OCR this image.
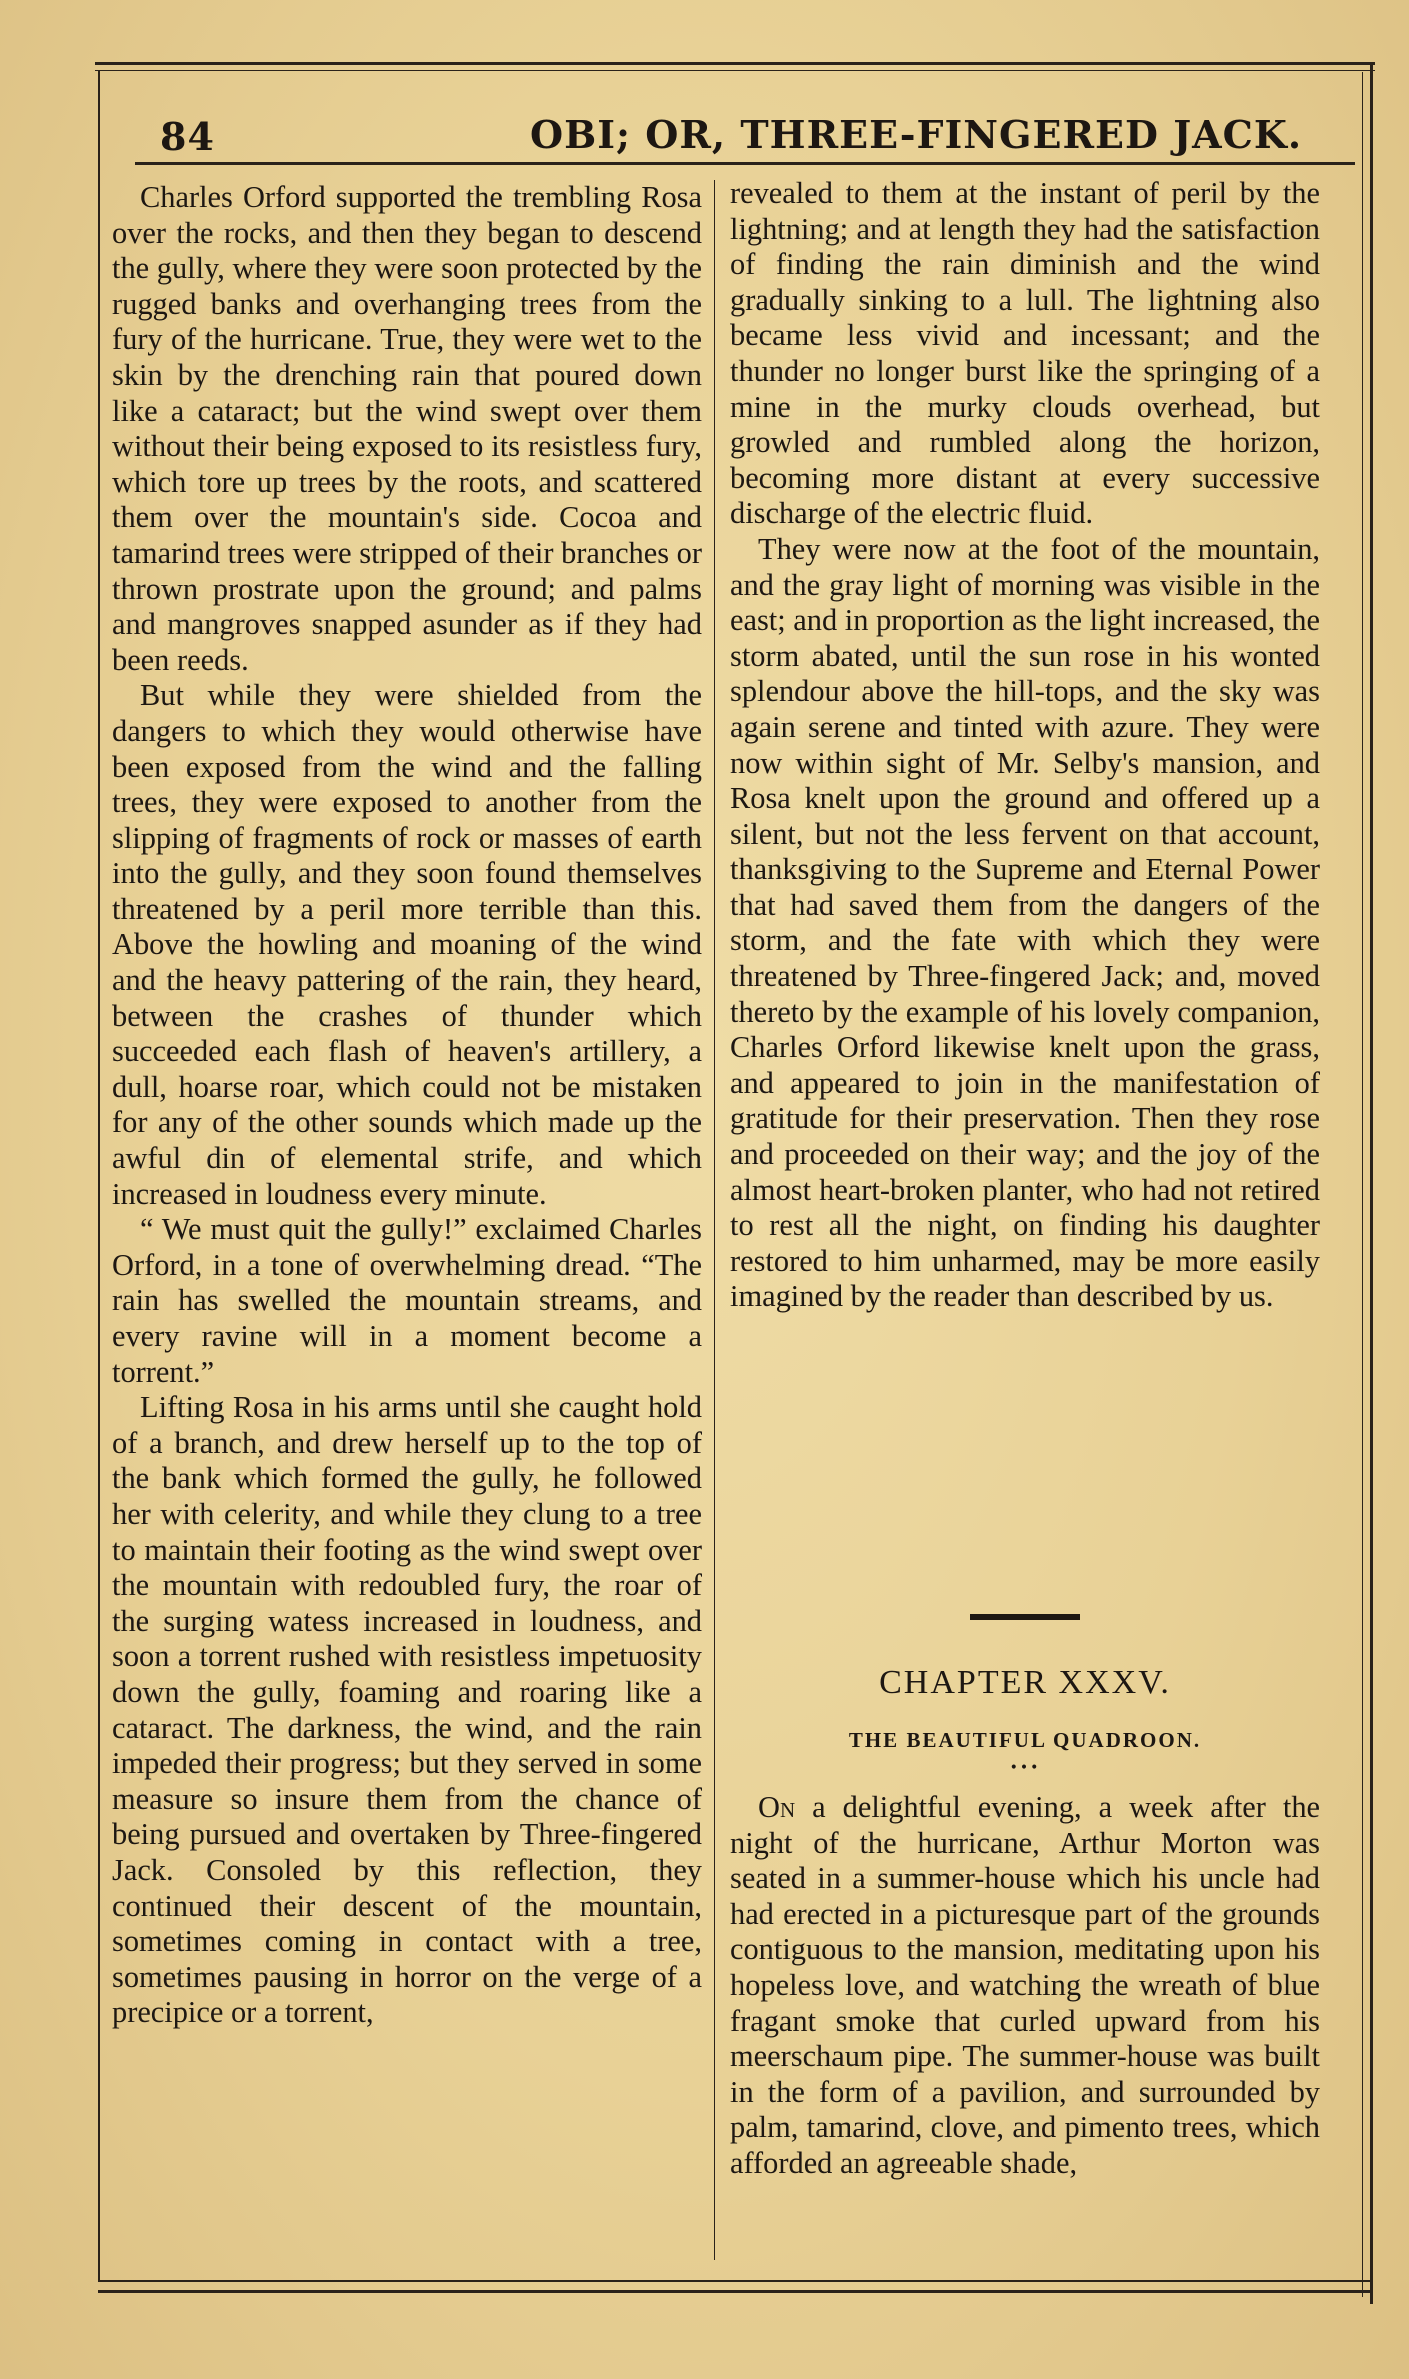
84	OBI; OR, THREE-FINGERED JACK.

Charles Orford supported the trembling Rosa over the rocks, and then they began to descend the gully, where they were soon protected by the rugged banks and overhanging trees from the fury of the hurricane. True, they were wet to the skin by the drenching rain that poured down like a cataract; but the wind swept over them without their being exposed to its resistless fury, which tore up trees by the roots, and scattered them over the mountain's side. Cocoa and tamarind trees were stripped of their branches or thrown prostrate upon the ground; and palms and mangroves snapped asunder as if they had been reeds.

But while they were shielded from the dangers to which they would otherwise have been exposed from the wind and the falling trees, they were exposed to another from the slipping of fragments of rock or masses of earth into the gully, and they soon found themselves threatened by a peril more terrible than this. Above the howling and moaning of the wind and the heavy pattering of the rain, they heard, between the crashes of thunder which succeeded each flash of heaven's artillery, a dull, hoarse roar, which could not be mistaken for any of the other sounds which made up the awful din of elemental strife, and which increased in loudness every minute.

“ We must quit the gully!” exclaimed Charles Orford, in a tone of overwhelming dread. “The rain has swelled the mountain streams, and every ravine will in a moment become a torrent.”

Lifting Rosa in his arms until she caught hold of a branch, and drew herself up to the top of the bank which formed the gully, he followed her with celerity, and while they clung to a tree to maintain their footing as the wind swept over the mountain with redoubled fury, the roar of the surging watess increased in loudness, and soon a torrent rushed with resistless impetuosity down the gully, foaming and roaring like a cataract. The darkness, the wind, and the rain impeded their progress; but they served in some measure so insure them from the chance of being pursued and overtaken by Three-fingered Jack. Consoled by this reflection, they continued their descent of the mountain, sometimes coming in contact with a tree, sometimes pausing in horror on the verge of a precipice or a torrent,

revealed to them at the instant of peril by the lightning; and at length they had the satisfaction of finding the rain diminish and the wind gradually sinking to a lull. The lightning also became less vivid and incessant; and the thunder no longer burst like the springing of a mine in the murky clouds overhead, but growled and rumbled along the horizon, becoming more distant at every successive discharge of the electric fluid.

They were now at the foot of the mountain, and the gray light of morning was visible in the east; and in proportion as the light increased, the storm abated, until the sun rose in his wonted splendour above the hill-tops, and the sky was again serene and tinted with azure. They were now within sight of Mr. Selby's mansion, and Rosa knelt upon the ground and offered up a silent, but not the less fervent on that account, thanksgiving to the Supreme and Eternal Power that had saved them from the dangers of the storm, and the fate with which they were threatened by Three-fingered Jack; and, moved thereto by the example of his lovely companion, Charles Orford likewise knelt upon the grass, and appeared to join in the manifestation of gratitude for their preservation. Then they rose and proceeded on their way; and the joy of the almost heart-broken planter, who had not retired to rest all the night, on finding his daughter restored to him unharmed, may be more easily imagined by the reader than described by us.

CHAPTER XXXV.
THE BEAUTIFUL QUADROON.
•••

On a delightful evening, a week after the night of the hurricane, Arthur Morton was seated in a summer-house which his uncle had had erected in a picturesque part of the grounds contiguous to the mansion, meditating upon his hopeless love, and watching the wreath of blue fragant smoke that curled upward from his meerschaum pipe. The summer-house was built in the form of a pavilion, and surrounded by palm, tamarind, clove, and pimento trees, which afforded an agreeable shade,
